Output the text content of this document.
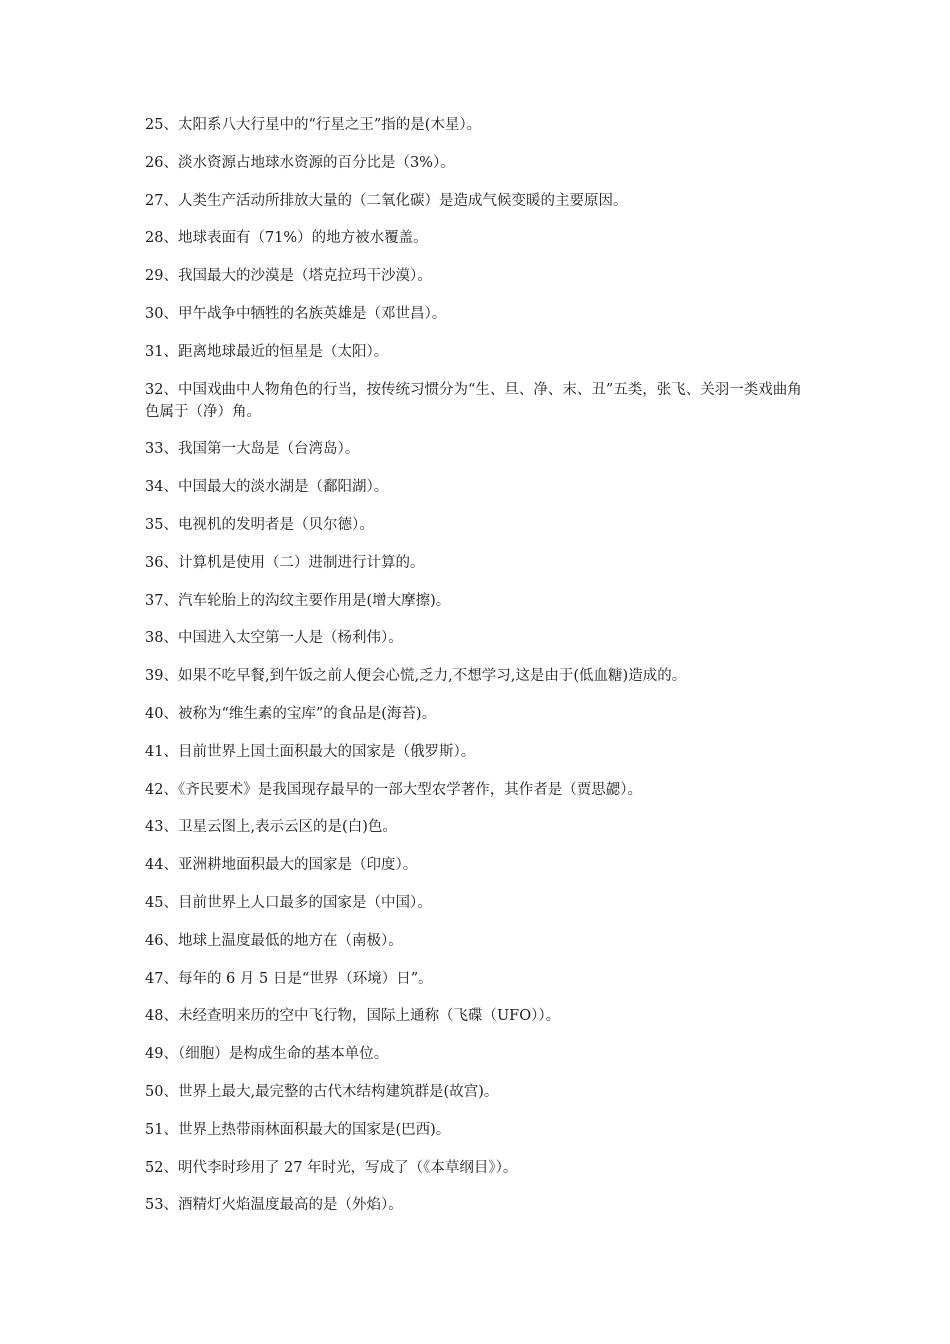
25、太阳系八大行星中的“行星之王”指的是(木星）。

26、淡水资源占地球水资源的百分比是（3%）。

27、人类生产活动所排放大量的（二氧化碳）是造成气候变暖的主要原因。

28、地球表面有（71%）的地方被水覆盖。

29、我国最大的沙漠是（塔克拉玛干沙漠）。

30、甲午战争中牺牲的名族英雄是（邓世昌）。

31、距离地球最近的恒星是（太阳）。

32、中国戏曲中人物角色的行当，按传统习惯分为“生、旦、净、末、丑”五类，张飞、关羽一类戏曲角色属于（净）角。

33、我国第一大岛是（台湾岛）。

34、中国最大的淡水湖是（鄱阳湖）。

35、电视机的发明者是（贝尔德）。

36、计算机是使用（二）进制进行计算的。

37、汽车轮胎上的沟纹主要作用是(增大摩擦)。

38、中国进入太空第一人是（杨利伟）。

39、如果不吃早餐,到午饭之前人便会心慌,乏力,不想学习,这是由于(低血糖)造成的。

40、被称为“维生素的宝库”的食品是(海苔)。

41、目前世界上国土面积最大的国家是（俄罗斯）。

42、《齐民要术》是我国现存最早的一部大型农学著作，其作者是（贾思勰）。

43、卫星云图上,表示云区的是(白)色。

44、亚洲耕地面积最大的国家是（印度）。

45、目前世界上人口最多的国家是（中国）。

46、地球上温度最低的地方在（南极）。

47、每年的 6 月 5 日是“世界（环境）日”。

48、未经查明来历的空中飞行物，国际上通称（飞碟（UFO））。

49、（细胞）是构成生命的基本单位。

50、世界上最大,最完整的古代木结构建筑群是(故宫)。

51、世界上热带雨林面积最大的国家是(巴西)。

52、明代李时珍用了 27 年时光，写成了（《本草纲目》）。

53、酒精灯火焰温度最高的是（外焰）。
